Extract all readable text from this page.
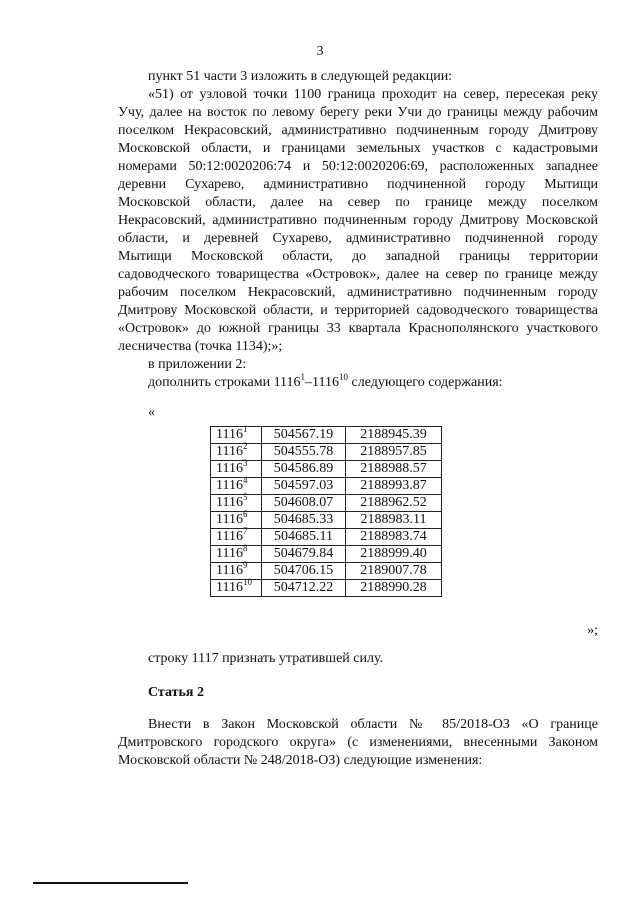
3
пункт 51 части 3 изложить в следующей редакции:
«51) от узловой точки 1100 граница проходит на север, пересекая реку
Учу, далее на восток по левому берегу реки Учи до границы между рабочим
поселком Некрасовский, административно подчиненным городу Дмитрову
Московской области, и границами земельных участков с кадастровыми
номерами 50:12:0020206:74 и 50:12:0020206:69, расположенных западнее
деревни Сухарево, административно подчиненной городу Мытищи
Московской области, далее на север по границе между поселком
Некрасовский, административно подчиненным городу Дмитрову Московской
области, и деревней Сухарево, административно подчиненной городу
Мытищи Московской области, до западной границы территории
садоводческого товарищества «Островок», далее на север по границе между
рабочим поселком Некрасовский, административно подчиненным городу
Дмитрову Московской области, и территорией садоводческого товарищества
«Островок» до южной границы 33 квартала Краснополянского участкового
лесничества (точка 1134);»;
в приложении 2:
дополнить строками 1116$^1$–1116$^{10}$ следующего содержания:
«
1116$^1$	504567.19	2188945.39
1116$^2$	504555.78	2188957.85
1116$^3$	504586.89	2188988.57
1116$^4$	504597.03	2188993.87
1116$^5$	504608.07	2188962.52
1116$^6$	504685.33	2188983.11
1116$^7$	504685.11	2188983.74
1116$^8$	504679.84	2188999.40
1116$^9$	504706.15	2189007.78
1116$^{10}$	504712.22	2188990.28
»;
строку 1117 признать утратившей силу.
Статья 2
Внести в Закон Московской области № 85/2018-ОЗ «О границе
Дмитровского городского округа» (с изменениями, внесенными Законом
Московской области № 248/2018-ОЗ) следующие изменения:
